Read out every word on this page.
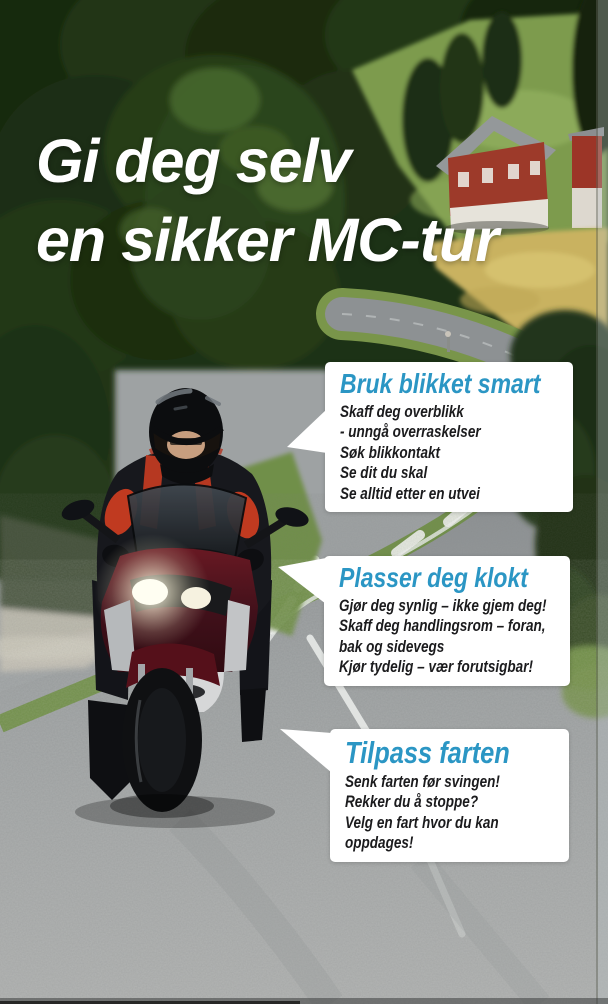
Gi deg selv
en sikker MC-tur
Bruk blikket smart
Skaff deg overblikk
- unngå overraskelser
Søk blikkontakt
Se dit du skal
Se alltid etter en utvei
Plasser deg klokt
Gjør deg synlig – ikke gjem deg!
Skaff deg handlingsrom – foran,
bak og sidevegs
Kjør tydelig – vær forutsigbar!
Tilpass farten
Senk farten før svingen!
Rekker du å stoppe?
Velg en fart hvor du kan
oppdages!
